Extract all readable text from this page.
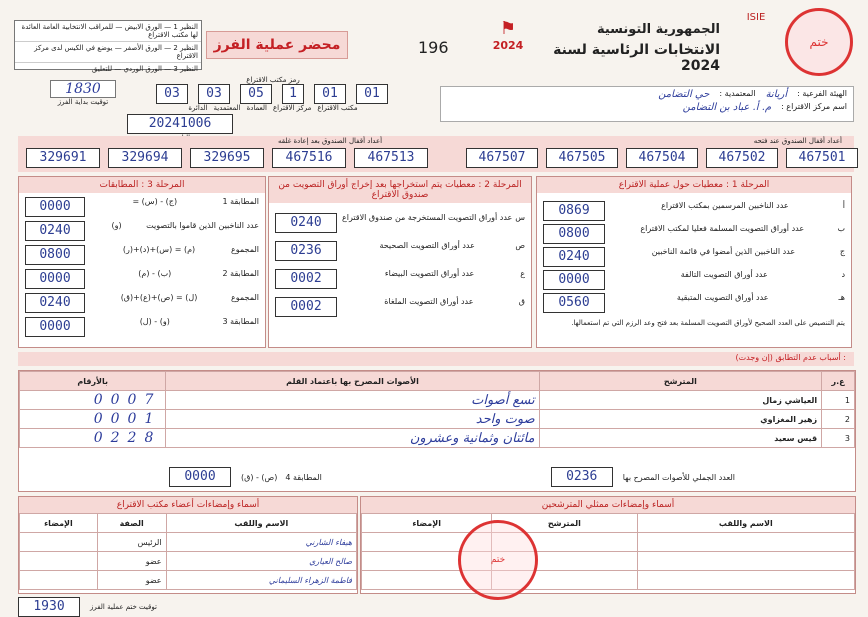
النظير 1 — الورق الابيض — للمراقب الانتخابية العامة العائدة لها مكتب الاقتراع
النظير 2 — الورق الأصفر — يوضع في الكيس لدى مركز الاقتراع
النظير 3 — الورق الوردي — للتعليق
محضر عملية الفرز	196
⚑
2024
الجمهورية التونسية
الانتخابات الرئاسية لسنة 2024
ISIE
ختم
1830
توقيت بداية الفرز
رمز مكتب الاقتراع
03	03	05	1	01	01
الدائرة المعتمدية العمادة مركز الاقتراع مكتب الاقتراع
20241006
الهيئة الفرعية :
أريانة
المعتمدية :
حي التضامن
اسم مركز الاقتراع :
م. أ. عباد بن التضامن
أعداد أقفال الصندوق بعد إعادة غلقه	أعداد أقفال الصندوق عند فتحه
329691	329694	329695	467516	467513	467507	467505	467504	467502	467501
المرحلة 3 : المطابقات
المطابقة 1
(ج) - (س) =
0000
عدد الناخبين الذين قاموا بالتصويت
(و)
0240
المجموع
(م) = (س)+(د)+(ر)
0800
المطابقة 2
(ب) - (م)
0000
المجموع
(ل) = (ص)+(ع)+(ق)
0240
المطابقة 3
(و) - (ل)
0000
المرحلة 2 : معطيات يتم استخراجها بعد إخراج أوراق التصويت من صندوق الاقتراع
س
عدد أوراق التصويت المستخرجة من صندوق الاقتراع
0240
ص
عدد أوراق التصويت الصحيحة
0236
ع
عدد أوراق التصويت البيضاء
0002
ق
عدد أوراق التصويت الملغاة
0002
المرحلة 1 : معطيات حول عملية الاقتراع
أ
عدد الناخبين المرسمين بمكتب الاقتراع
0869
ب
عدد أوراق التصويت المسلمة فعليا لمكتب الاقتراع
0800
ج
عدد الناخبين الذين أمضوا في قائمة الناخبين
0240
د
عدد أوراق التصويت التالفة
0000
هـ
عدد أوراق التصويت المتبقية
0560
يتم التنصيص على العدد الصحيح لأوراق التصويت المسلمة بعد فتح وعد الرزم التي تم استعمالها.
أسباب عدم التطابق (إن وجدت) :
ع.ر	المترشح	الأصوات المصرح بها باعتماد القلم	بالأرقام
1	العياشي زمال	تسع أصوات	0007
2	زهير المغزاوي	صوت واحد	0001
3	قيس سعيد	مائتان وثمانية وعشرون	0228
المطابقة 4
(ص) - (ق)
0000	العدد الجملي للأصوات المصرح بها
0236
أسماء وإمضاءات أعضاء مكتب الاقتراع
الاسم واللقب	الصفة	الإمضاء
هيفاء الشارني	الرئيس	
صالح العياري	عضو	
فاطمة الزهراء السليماني	عضو	
أسماء وإمضاءات ممثلي المترشحين
الاسم واللقب	المترشح	الإمضاء

ختم
1930	توقيت ختم عملية الفرز
